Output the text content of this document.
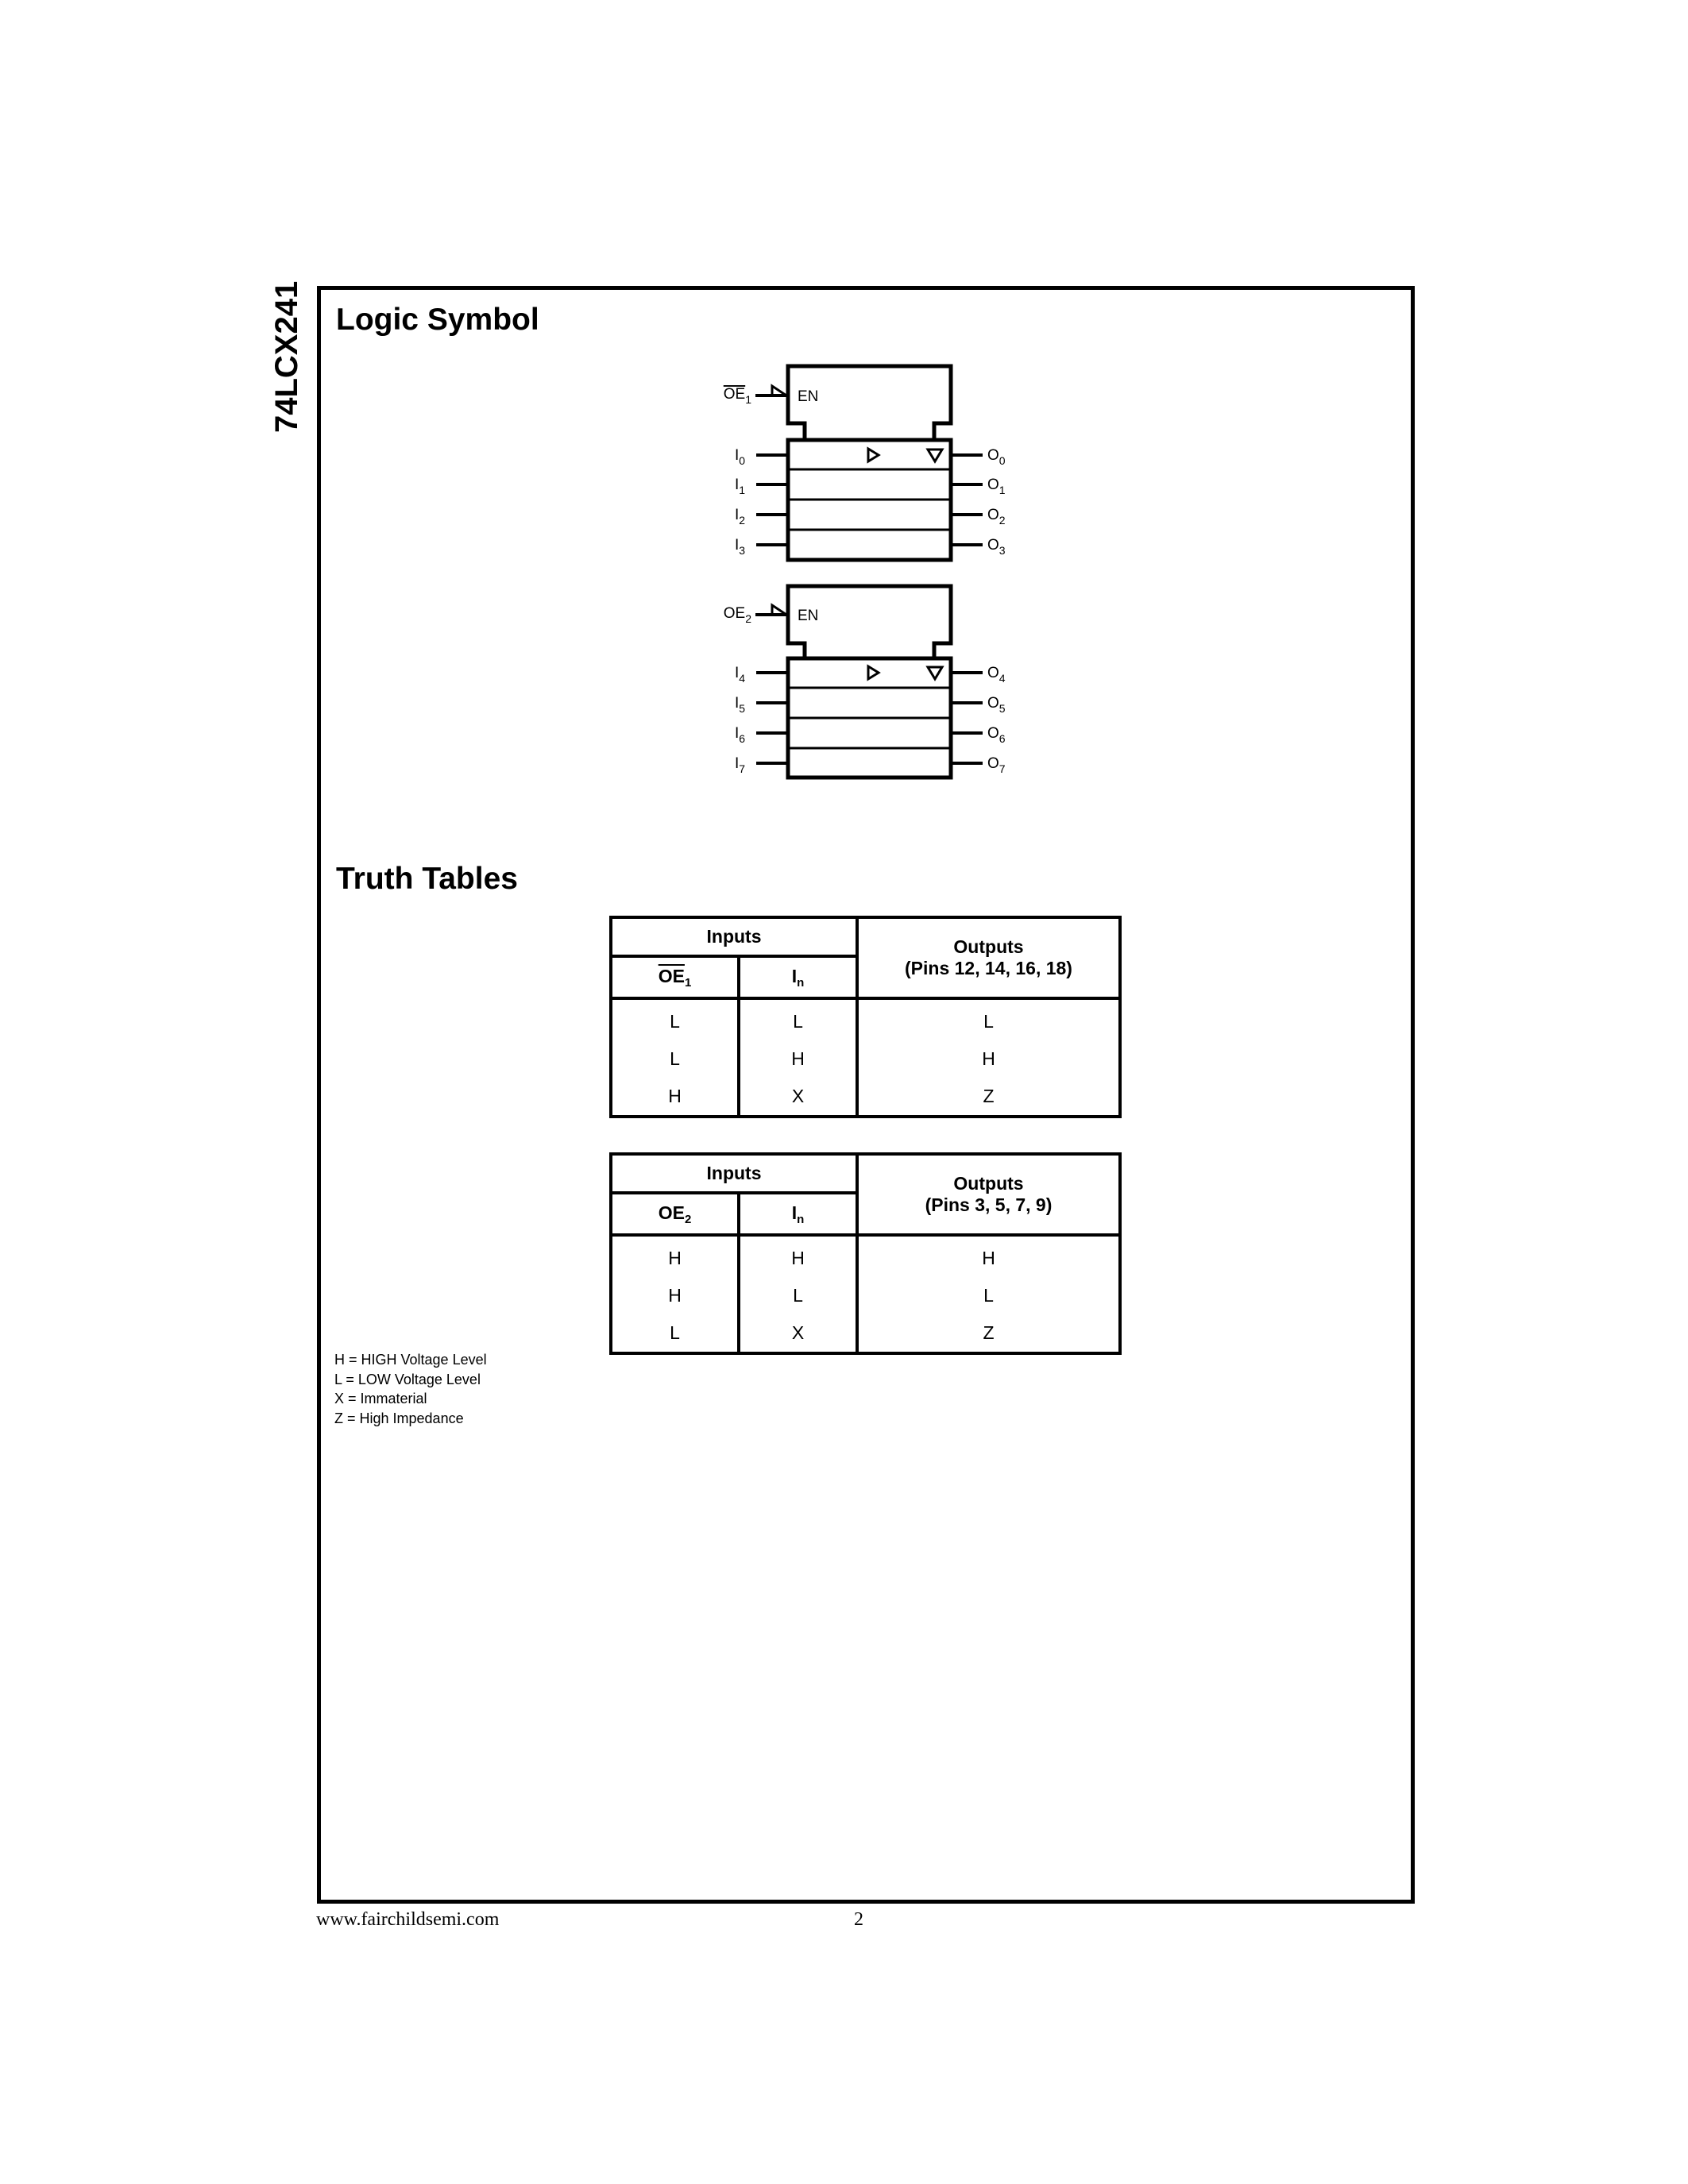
74LCX241 Logic Symbol
EN
$OE_1$
$I_0$	$O_0$
$I_1$	$O_1$
$I_2$	$O_2$
$I_3$	$O_3$
EN
$OE_2$
$I_4$	$O_4$
$I_5$	$O_5$
$I_6$	$O_6$
$I_7$	$O_7$
Truth Tables
Inputs		Outputs
(Pins 12, 14, 16, 18)

$\overline{OE}_1$	$I_n$
L	L	L
L	H	H
H	X	Z
Inputs		Outputs
(Pins 3, 5, 7, 9)

$OE_2$	$I_n$
H	H	H
H	L	L
L	X	Z
H = HIGH Voltage Level
L = LOW Voltage Level
X = Immaterial
Z = High Impedance
www.fairchildsemi.com	2
